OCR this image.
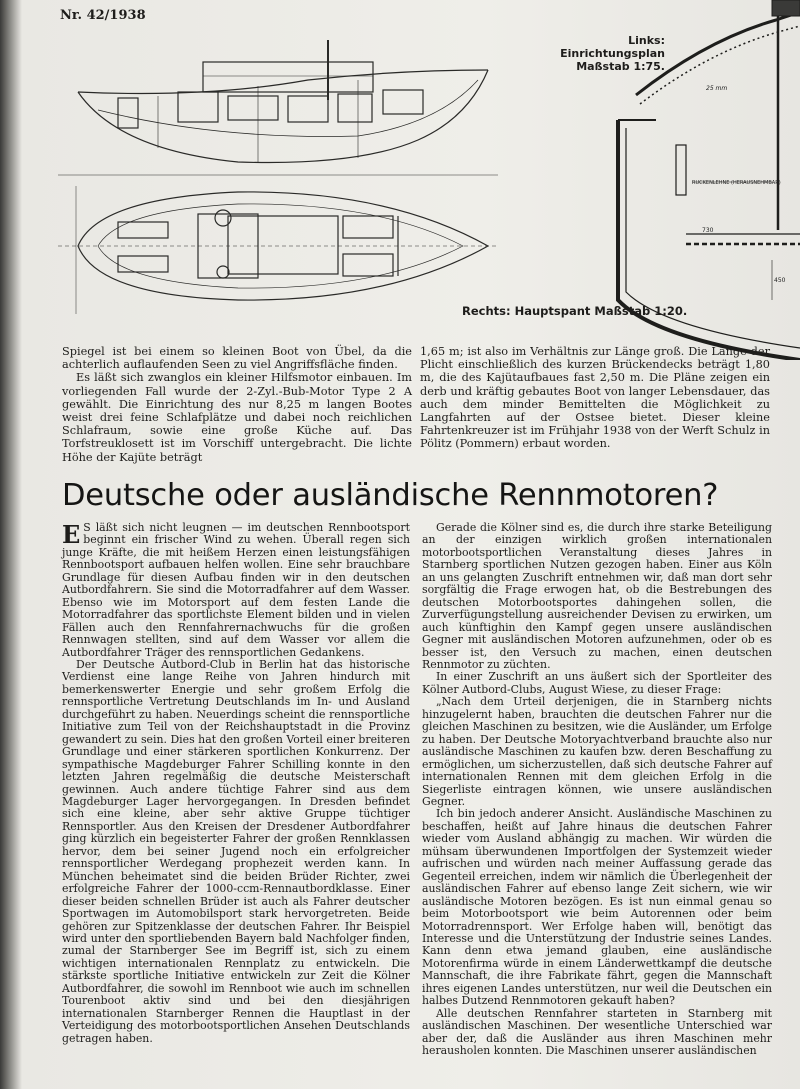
Nr. 42/1938
Links: Einrichtungsplan
Maßstab 1:75.
25 mm
RUCKENLEHNE (HERAUSNEHMBAR)
730
450
Rechts: Hauptspant Maßstab 1:20.

Spiegel ist bei einem so kleinen Boot von Übel, da die achterlich auflaufenden Seen zu viel Angriffsfläche finden.

Es läßt sich zwanglos ein kleiner Hilfsmotor einbauen. Im vorliegenden Fall wurde der 2-Zyl.-Bub-Motor Type 2 A gewählt. Die Einrichtung des nur 8,25 m langen Bootes weist drei feine Schlafplätze und dabei noch reichlichen Schlafraum, sowie eine große Küche auf. Das Torfstreuklosett ist im Vorschiff untergebracht. Die lichte Höhe der Kajüte beträgt

1,65 m; ist also im Verhältnis zur Länge groß. Die Länge der Plicht einschließlich des kurzen Brückendecks beträgt 1,80 m, die des Kajütaufbaues fast 2,50 m. Die Pläne zeigen ein derb und kräftig gebautes Boot von langer Lebensdauer, das auch dem minder Bemittelten die Möglichkeit zu Langfahrten auf der Ostsee bietet. Dieser kleine Fahrtenkreuzer ist im Frühjahr 1938 von der Werft Schulz in Pölitz (Pommern) erbaut worden.

Deutsche oder ausländische Rennmotoren?

E S läßt sich nicht leugnen — im deutschen Rennbootsport beginnt ein frischer Wind zu wehen. Überall regen sich junge Kräfte, die mit heißem Herzen einen leistungsfähigen Rennbootsport aufbauen helfen wollen. Eine sehr brauchbare Grundlage für diesen Aufbau finden wir in den deutschen Autbordfahrern. Sie sind die Motorradfahrer auf dem Wasser. Ebenso wie im Motorsport auf dem festen Lande die Motorradfahrer das sportlichste Element bilden und in vielen Fällen auch den Rennfahrernachwuchs für die großen Rennwagen stellten, sind auf dem Wasser vor allem die Autbordfahrer Träger des rennsportlichen Gedankens.

Der Deutsche Autbord-Club in Berlin hat das historische Verdienst eine lange Reihe von Jahren hindurch mit bemerkenswerter Energie und sehr großem Erfolg die rennsportliche Vertretung Deutschlands im In- und Ausland durchgeführt zu haben. Neuerdings scheint die rennsportliche Initiative zum Teil von der Reichshauptstadt in die Provinz gewandert zu sein. Dies hat den großen Vorteil einer breiteren Grundlage und einer stärkeren sportlichen Konkurrenz. Der sympathische Magdeburger Fahrer Schilling konnte in den letzten Jahren regelmäßig die deutsche Meisterschaft gewinnen. Auch andere tüchtige Fahrer sind aus dem Magdeburger Lager hervorgegangen. In Dresden befindet sich eine kleine, aber sehr aktive Gruppe tüchtiger Rennsportler. Aus den Kreisen der Dresdener Autbordfahrer ging kürzlich ein begeisterter Fahrer der großen Rennklassen hervor, dem bei seiner Jugend noch ein erfolgreicher rennsportlicher Werdegang prophezeit werden kann. In München beheimatet sind die beiden Brüder Richter, zwei erfolgreiche Fahrer der 1000-ccm-Rennautbordklasse. Einer dieser beiden schnellen Brüder ist auch als Fahrer deutscher Sportwagen im Automobilsport stark hervorgetreten. Beide gehören zur Spitzenklasse der deutschen Fahrer. Ihr Beispiel wird unter den sportliebenden Bayern bald Nachfolger finden, zumal der Starnberger See im Begriff ist, sich zu einem wichtigen internationalen Rennplatz zu entwickeln. Die stärkste sportliche Initiative entwickeln zur Zeit die Kölner Autbordfahrer, die sowohl im Rennboot wie auch im schnellen Tourenboot aktiv sind und bei den diesjährigen internationalen Starnberger Rennen die Hauptlast in der Verteidigung des motorbootsportlichen Ansehen Deutschlands getragen haben.

Gerade die Kölner sind es, die durch ihre starke Beteiligung an der einzigen wirklich großen internationalen motorbootsportlichen Veranstaltung dieses Jahres in Starnberg sportlichen Nutzen gezogen haben. Einer aus Köln an uns gelangten Zuschrift entnehmen wir, daß man dort sehr sorgfältig die Frage erwogen hat, ob die Bestrebungen des deutschen Motorbootsportes dahingehen sollen, die Zurverfügungstellung ausreichender Devisen zu erwirken, um auch künftighin den Kampf gegen unsere ausländischen Gegner mit ausländischen Motoren aufzunehmen, oder ob es besser ist, den Versuch zu machen, einen deutschen Rennmotor zu züchten.

In einer Zuschrift an uns äußert sich der Sportleiter des Kölner Autbord-Clubs, August Wiese, zu dieser Frage:

„Nach dem Urteil derjenigen, die in Starnberg nichts hinzugelernt haben, brauchten die deutschen Fahrer nur die gleichen Maschinen zu besitzen, wie die Ausländer, um Erfolge zu haben. Der Deutsche Motoryachtverband brauchte also nur ausländische Maschinen zu kaufen bzw. deren Beschaffung zu ermöglichen, um sicherzustellen, daß sich deutsche Fahrer auf internationalen Rennen mit dem gleichen Erfolg in die Siegerliste eintragen können, wie unsere ausländischen Gegner.

Ich bin jedoch anderer Ansicht. Ausländische Maschinen zu beschaffen, heißt auf Jahre hinaus die deutschen Fahrer wieder vom Ausland abhängig zu machen. Wir würden die mühsam überwundenen Importfolgen der Systemzeit wieder aufrischen und würden nach meiner Auffassung gerade das Gegenteil erreichen, indem wir nämlich die Überlegenheit der ausländischen Fahrer auf ebenso lange Zeit sichern, wie wir ausländische Motoren bezögen. Es ist nun einmal genau so beim Motorbootsport wie beim Autorennen oder beim Motorradrennsport. Wer Erfolge haben will, benötigt das Interesse und die Unterstützung der Industrie seines Landes. Kann denn etwa jemand glauben, eine ausländische Motorenfirma würde in einem Länderwettkampf die deutsche Mannschaft, die ihre Fabrikate fährt, gegen die Mannschaft ihres eigenen Landes unterstützen, nur weil die Deutschen ein halbes Dutzend Rennmotoren gekauft haben?

Alle deutschen Rennfahrer starteten in Starnberg mit ausländischen Maschinen. Der wesentliche Unterschied war aber der, daß die Ausländer aus ihren Maschinen mehr herausholen konnten. Die Maschinen unserer ausländischen
